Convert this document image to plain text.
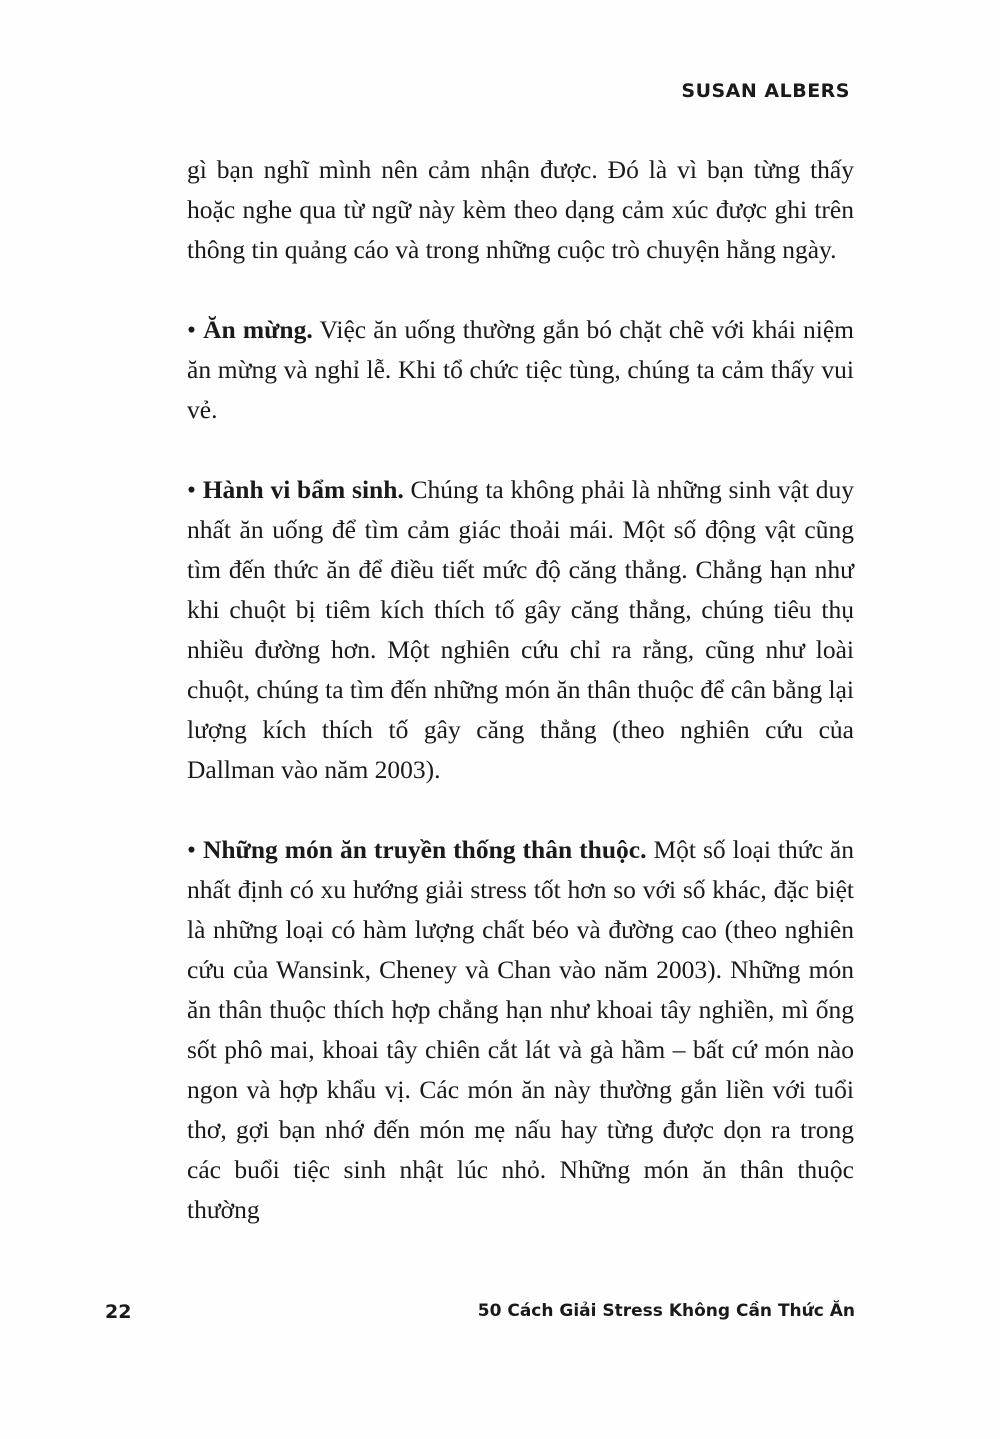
SUSAN ALBERS

gì bạn nghĩ mình nên cảm nhận được. Đó là vì bạn từng thấy hoặc nghe qua từ ngữ này kèm theo dạng cảm xúc được ghi trên thông tin quảng cáo và trong những cuộc trò chuyện hằng ngày.

• Ăn mừng. Việc ăn uống thường gắn bó chặt chẽ với khái niệm ăn mừng và nghỉ lễ. Khi tổ chức tiệc tùng, chúng ta cảm thấy vui vẻ.

• Hành vi bẩm sinh. Chúng ta không phải là những sinh vật duy nhất ăn uống để tìm cảm giác thoải mái. Một số động vật cũng tìm đến thức ăn để điều tiết mức độ căng thẳng. Chẳng hạn như khi chuột bị tiêm kích thích tố gây căng thẳng, chúng tiêu thụ nhiều đường hơn. Một nghiên cứu chỉ ra rằng, cũng như loài chuột, chúng ta tìm đến những món ăn thân thuộc để cân bằng lại lượng kích thích tố gây căng thẳng (theo nghiên cứu của Dallman vào năm 2003).

• Những món ăn truyền thống thân thuộc. Một số loại thức ăn nhất định có xu hướng giải stress tốt hơn so với số khác, đặc biệt là những loại có hàm lượng chất béo và đường cao (theo nghiên cứu của Wansink, Cheney và Chan vào năm 2003). Những món ăn thân thuộc thích hợp chẳng hạn như khoai tây nghiền, mì ống sốt phô mai, khoai tây chiên cắt lát và gà hầm – bất cứ món nào ngon và hợp khẩu vị. Các món ăn này thường gắn liền với tuổi thơ, gợi bạn nhớ đến món mẹ nấu hay từng được dọn ra trong các buổi tiệc sinh nhật lúc nhỏ. Những món ăn thân thuộc thường

22	50 Cách Giải Stress Không Cần Thức Ăn
